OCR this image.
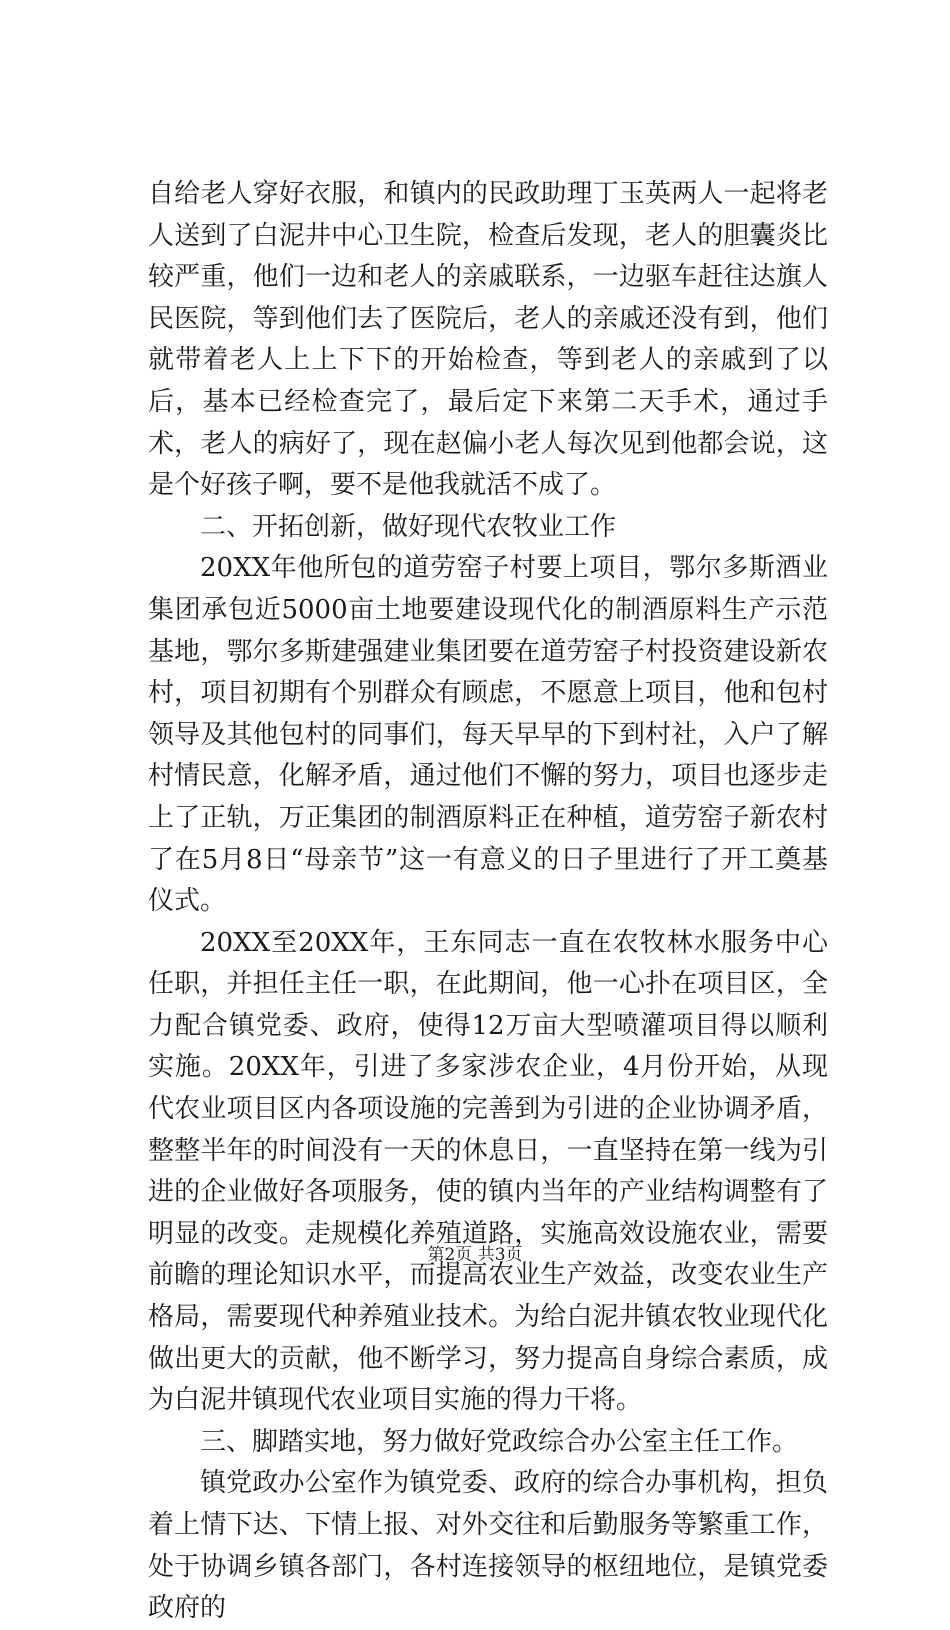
自给老人穿好衣服，和镇内的民政助理丁玉英两人一起将老人送到了白泥井中心卫生院，检查后发现，老人的胆囊炎比较严重，他们一边和老人的亲戚联系，一边驱车赶往达旗人民医院，等到他们去了医院后，老人的亲戚还没有到，他们就带着老人上上下下的开始检查，等到老人的亲戚到了以后，基本已经检查完了，最后定下来第二天手术，通过手术，老人的病好了，现在赵偏小老人每次见到他都会说，这是个好孩子啊，要不是他我就活不成了。

二、开拓创新，做好现代农牧业工作

20XX年他所包的道劳窑子村要上项目，鄂尔多斯酒业集团承包近5000亩土地要建设现代化的制酒原料生产示范基地，鄂尔多斯建强建业集团要在道劳窑子村投资建设新农村，项目初期有个别群众有顾虑，不愿意上项目，他和包村领导及其他包村的同事们，每天早早的下到村社，入户了解村情民意，化解矛盾，通过他们不懈的努力，项目也逐步走上了正轨，万正集团的制酒原料正在种植，道劳窑子新农村了在5月8日“母亲节”这一有意义的日子里进行了开工奠基仪式。

20XX至20XX年，王东同志一直在农牧林水服务中心任职，并担任主任一职，在此期间，他一心扑在项目区，全力配合镇党委、政府，使得12万亩大型喷灌项目得以顺利实施。20XX年，引进了多家涉农企业，4月份开始，从现代农业项目区内各项设施的完善到为引进的企业协调矛盾，整整半年的时间没有一天的休息日，一直坚持在第一线为引进的企业做好各项服务，使的镇内当年的产业结构调整有了明显的改变。走规模化养殖道路，实施高效设施农业，需要前瞻的理论知识水平，而提高农业生产效益，改变农业生产格局，需要现代种养殖业技术。为给白泥井镇农牧业现代化做出更大的贡献，他不断学习，努力提高自身综合素质，成为白泥井镇现代农业项目实施的得力干将。

三、脚踏实地，努力做好党政综合办公室主任工作。

镇党政办公室作为镇党委、政府的综合办事机构，担负着上情下达、下情上报、对外交往和后勤服务等繁重工作，处于协调乡镇各部门，各村连接领导的枢纽地位，是镇党委政府的

第2页 共3页
